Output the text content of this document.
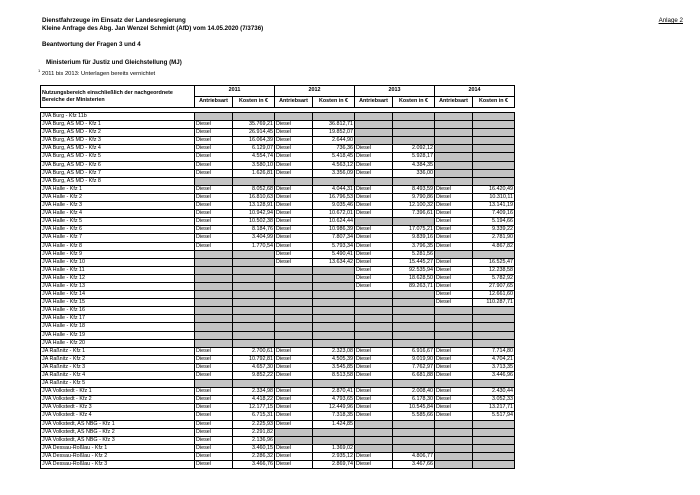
Dienstfahrzeuge im Einsatz der Landesregierung
Kleine Anfrage des Abg. Jan Wenzel Schmidt (AfD) vom 14.05.2020 (7/3736)
Beantwortung der Fragen 3 und 4
Ministerium für Justiz und Gleichstellung (MJ)
$^1$ 2011 bis 2013: Unterlagen bereits vernichtet
Anlage 2
Nutzungsbereich einschließlich der nachgeordnete Bereiche der Ministerien	2011		2012		2013		2014	
	Antriebsart	Kosten in €	Antriebsart	Kosten in €	Antriebsart	Kosten in €	Antriebsart	Kosten in €

JVA Burg - Kfz 11b								
JVA Burg, AS MD - Kfz 1	Diesel	35.769,21	Diesel	36.812,71				
JVA Burg, AS MD - Kfz 2	Diesel	26.914,45	Diesel	19.852,07				
JVA Burg, AS MD - Kfz 3	Diesel	16.064,39	Diesel	2.644,90				
JVA Burg, AS MD - Kfz 4	Diesel	6.129,07	Diesel	736,36	Diesel	2.092,12		
JVA Burg, AS MD - Kfz 5	Diesel	4.554,74	Diesel	5.418,45	Diesel	5.928,17		
JVA Burg, AS MD - Kfz 6	Diesel	3.580,10	Diesel	4.563,12	Diesel	4.384,35		
JVA Burg, AS MD - Kfz 7	Diesel	1.626,81	Diesel	3.356,09	Diesel	336,00		
JVA Burg, AS MD - Kfz 8								
JVA Halle - Kfz 1	Diesel	8.052,68	Diesel	4.044,31	Diesel	8.493,59	Diesel	16.420,49
JVA Halle - Kfz 2	Diesel	16.810,63	Diesel	16.796,53	Diesel	9.790,86	Diesel	10.310,11
JVA Halle - Kfz 3	Diesel	13.128,91	Diesel	9.035,46	Diesel	12.100,32	Diesel	13.141,19
JVA Halle - Kfz 4	Diesel	10.942,94	Diesel	10.672,01	Diesel	7.396,61	Diesel	7.409,16
JVA Halle - Kfz 5	Diesel	10.502,38	Diesel	10.624,44			Diesel	5.194,66
JVA Halle - Kfz 6	Diesel	8.184,76	Diesel	10.986,39	Diesel	17.075,21	Diesel	9.339,22
JVA Halle - Kfz 7	Diesel	3.404,99	Diesel	7.807,34	Diesel	9.839,16	Diesel	2.781,90
JVA Halle - Kfz 8	Diesel	1.770,54	Diesel	5.793,34	Diesel	3.796,35	Diesel	4.867,82
JVA Halle - Kfz 9			Diesel	5.490,41	Diesel	5.281,56		
JVA Halle - Kfz 10			Diesel	13.634,42	Diesel	15.445,27	Diesel	16.525,47
JVA Halle - Kfz 11					Diesel	92.535,94	Diesel	12.238,58
JVA Halle - Kfz 12					Diesel	18.628,50	Diesel	5.782,92
JVA Halle - Kfz 13					Diesel	89.263,71	Diesel	27.907,65
JVA Halle - Kfz 14							Diesel	12.661,60
JVA Halle - Kfz 15							Diesel	110.287,71
JVA Halle - Kfz 16								
JVA Halle - Kfz 17								
JVA Halle - Kfz 18								
JVA Halle - Kfz 19								
JVA Halle - Kfz 20								
JA Raßnitz - Kfz 1	Diesel	2.700,61	Diesel	2.323,08	Diesel	6.916,67	Diesel	7.714,80
JA Raßnitz - Kfz 2	Diesel	10.792,81	Diesel	4.505,39	Diesel	9.019,90	Diesel	4.704,21
JA Raßnitz - Kfz 3	Diesel	4.657,30	Diesel	3.545,85	Diesel	7.762,97	Diesel	3.713,35
JA Raßnitz - Kfz 4	Diesel	9.852,22	Diesel	8.513,58	Diesel	6.681,88	Diesel	3.446,96
JA Raßnitz - Kfz 5								
JVA Volkstedt - Kfz 1	Diesel	2.334,98	Diesel	2.870,41	Diesel	2.008,40	Diesel	2.430,44
JVA Volkstedt - Kfz 2	Diesel	4.418,22	Diesel	4.793,65	Diesel	6.178,30	Diesel	3.052,33
JVA Volkstedt - Kfz 3	Diesel	12.177,15	Diesel	12.449,96	Diesel	10.545,84	Diesel	13.217,71
JVA Volkstedt - Kfz 4	Diesel	6.715,31	Diesel	7.318,35	Diesel	5.585,66	Diesel	5.517,94
JVA Volkstedt, AS NBG - Kfz 1	Diesel	2.225,93	Diesel	1.424,85				
JVA Volkstedt, AS NBG - Kfz 2	Diesel	2.291,82						
JVA Volkstedt, AS NBG - Kfz 3	Diesel	2.136,96						
JVA Dessau-Roßlau - Kfz 1	Diesel	3.460,15	Diesel	1.369,02				
JVA Dessau-Roßlau - Kfz 2	Diesel	2.286,32	Diesel	2.935,12	Diesel	4.806,77		
JVA Dessau-Roßlau - Kfz 3	Diesel	3.466,76	Diesel	2.869,74	Diesel	3.467,66		
